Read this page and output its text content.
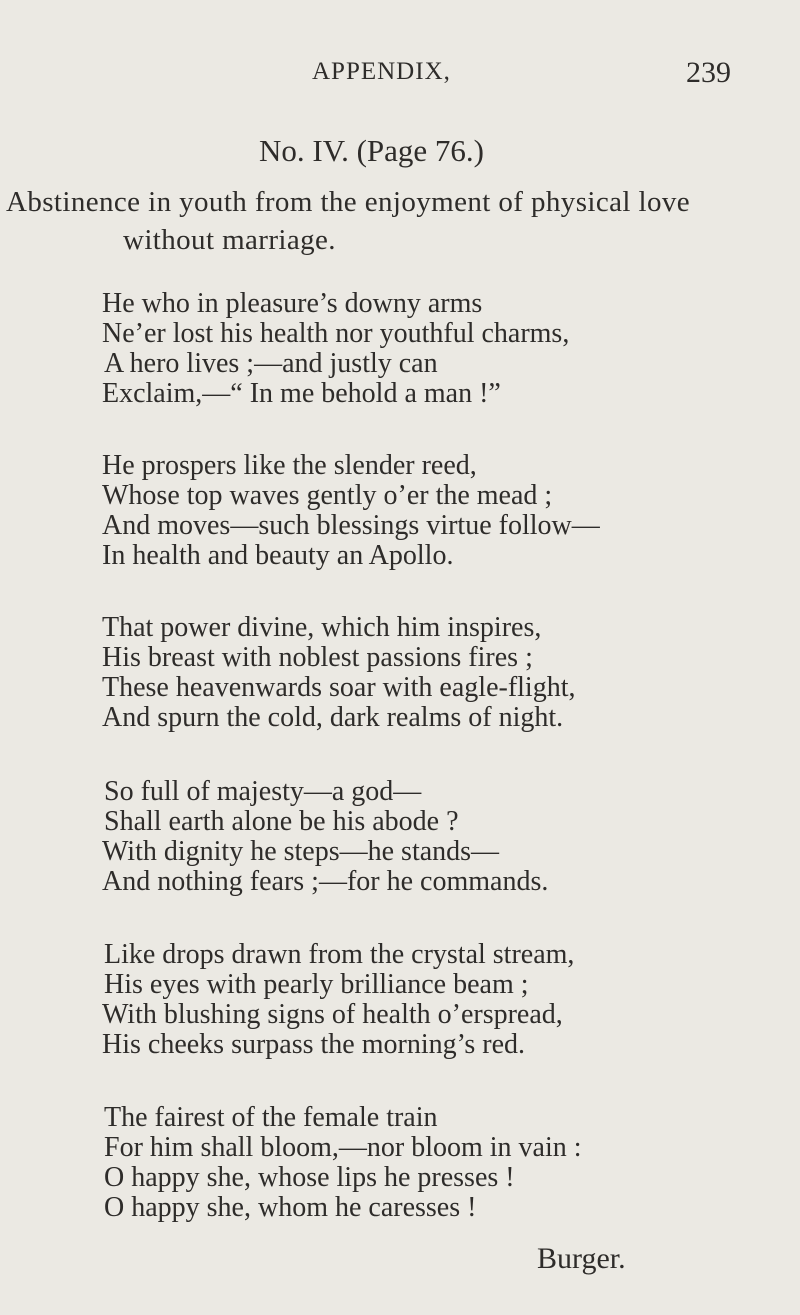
APPENDIX,	239
No. IV. (Page 76.)
Abstinence in youth from the enjoyment of physical love
without marriage.
He who in pleasure’s downy arms
Ne’er lost his health nor youthful charms,
A hero lives ;—and justly can
Exclaim,—“ In me behold a man !”
He prospers like the slender reed,
Whose top waves gently o’er the mead ;
And moves—such blessings virtue follow—
In health and beauty an Apollo.
That power divine, which him inspires,
His breast with noblest passions fires ;
These heavenwards soar with eagle-flight,
And spurn the cold, dark realms of night.
So full of majesty—a god—
Shall earth alone be his abode ?
With dignity he steps—he stands—
And nothing fears ;—for he commands.
Like drops drawn from the crystal stream,
His eyes with pearly brilliance beam ;
With blushing signs of health o’erspread,
His cheeks surpass the morning’s red.
The fairest of the female train
For him shall bloom,—nor bloom in vain :
O happy she, whose lips he presses !
O happy she, whom he caresses !
Burger.
